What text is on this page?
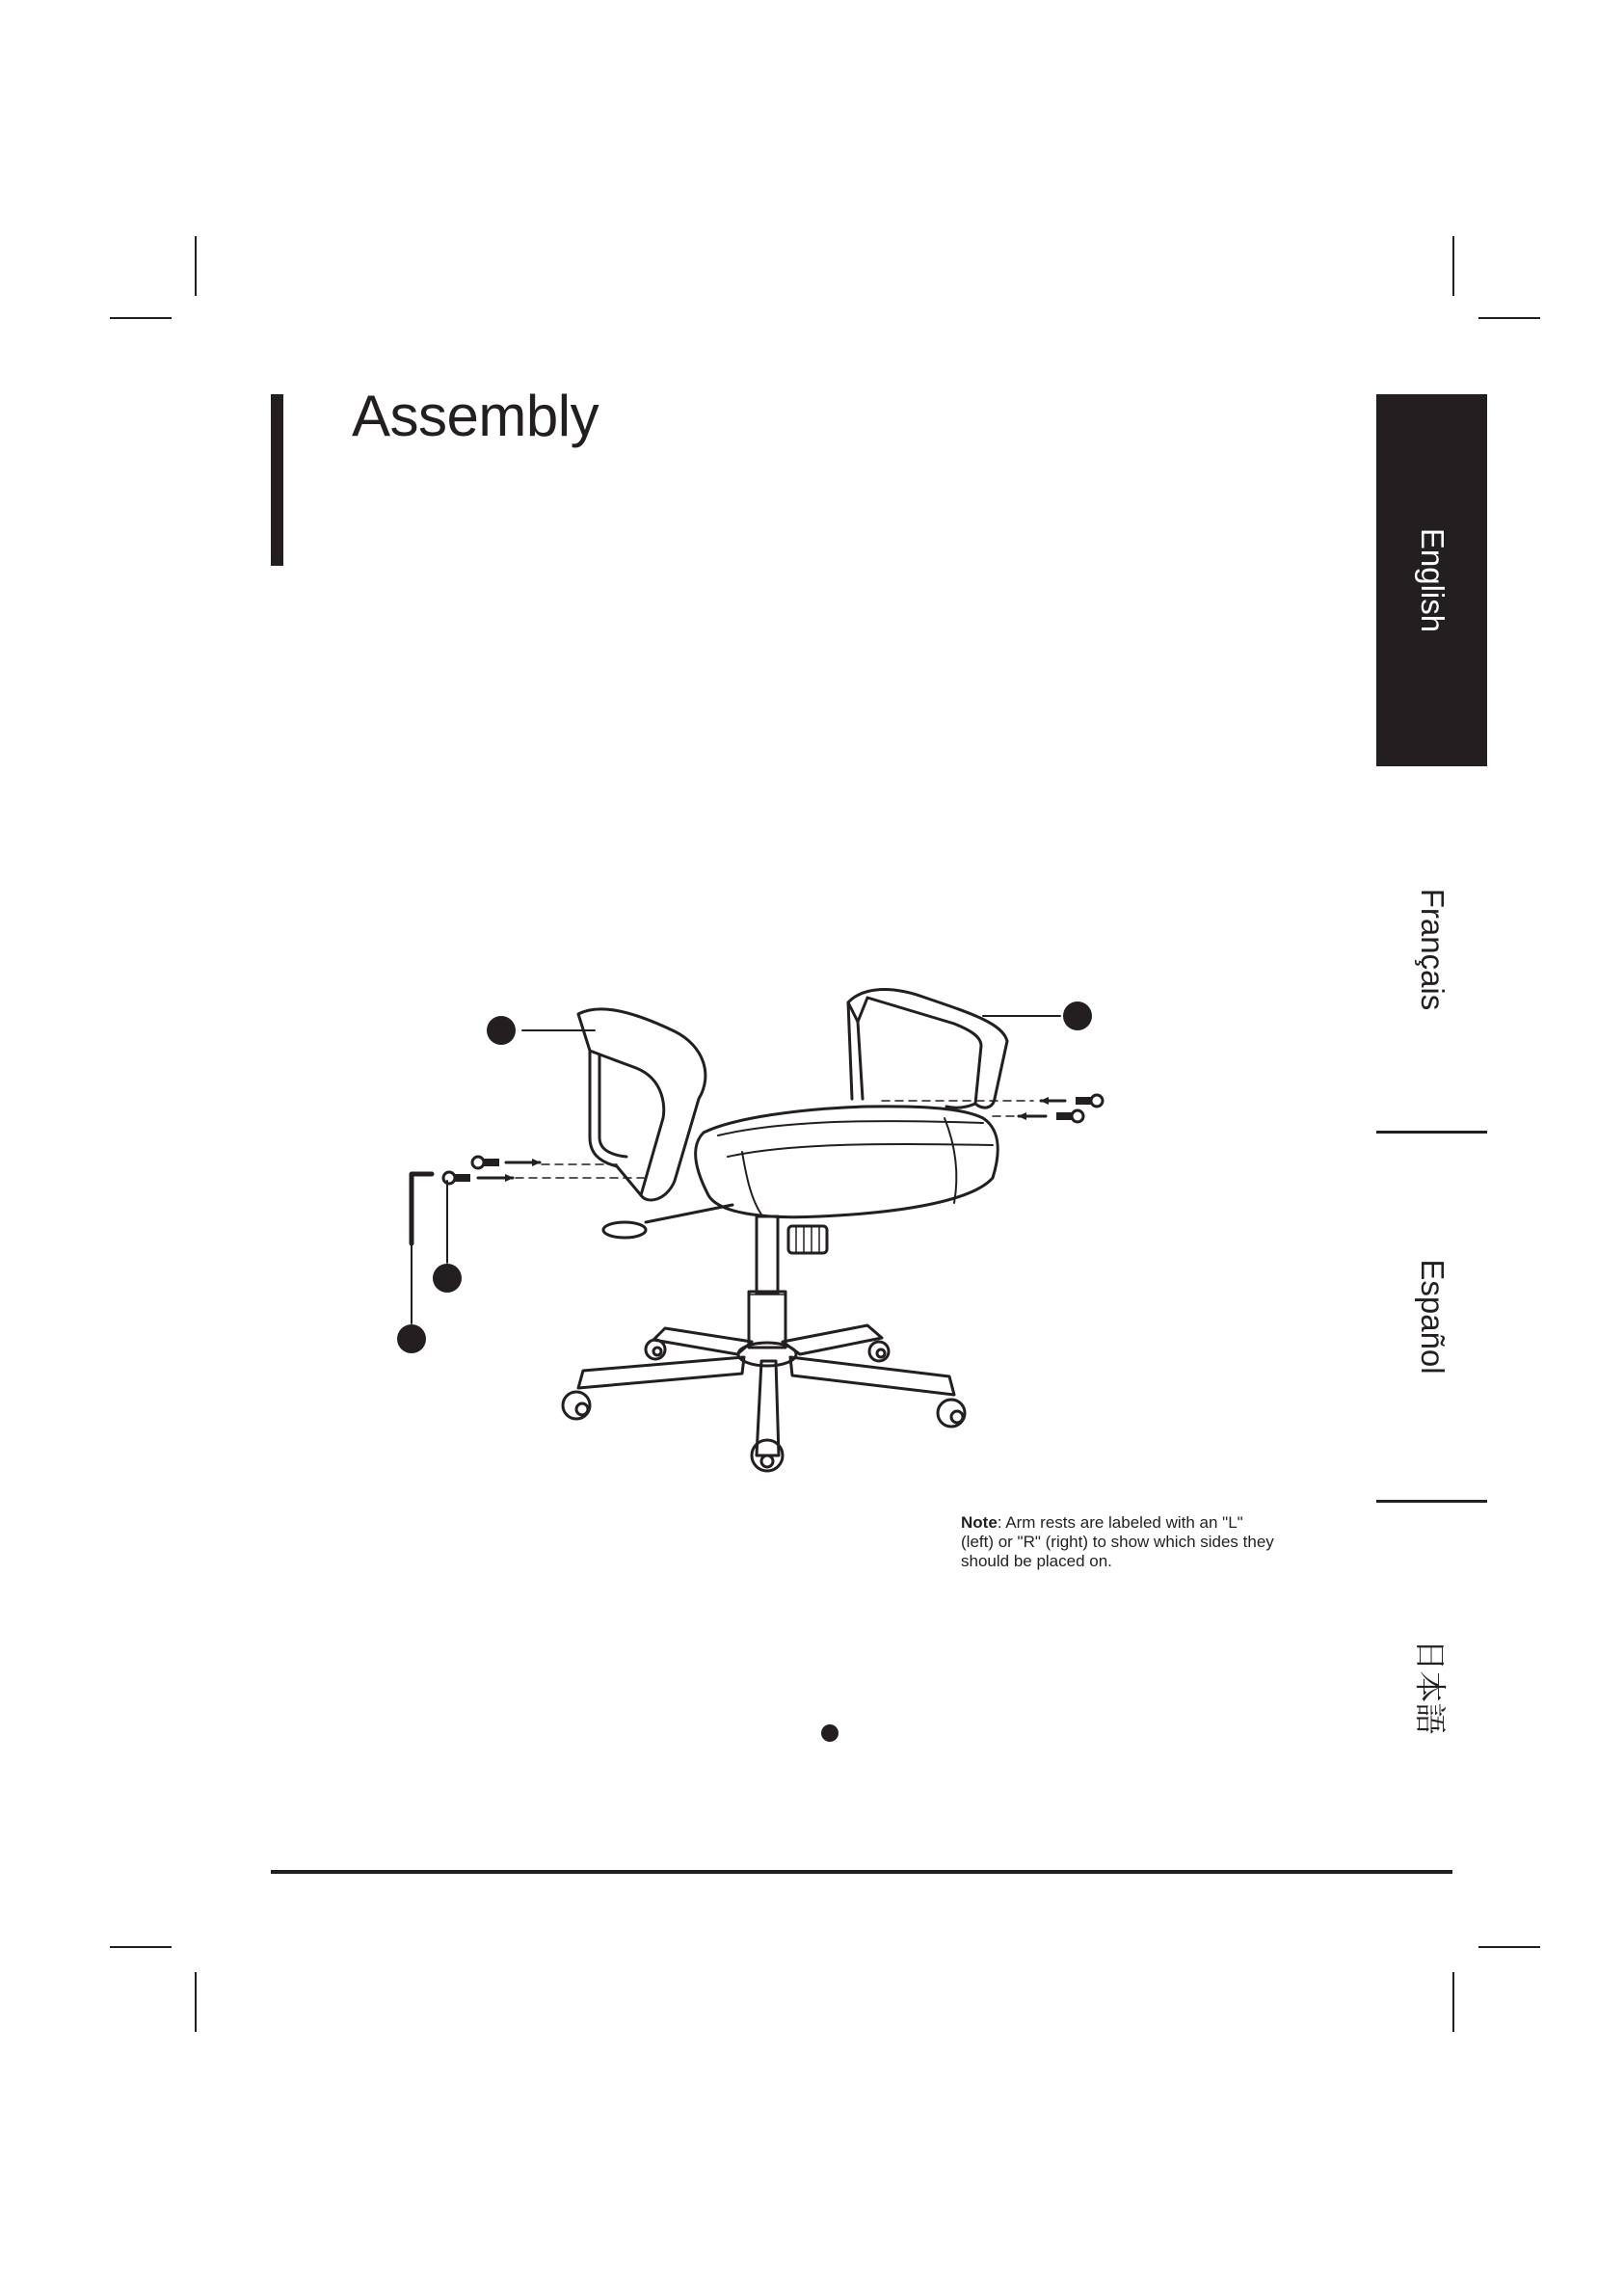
Assembly
English
Français
Español
日本語

Note: Arm rests are labeled with an "L" (left) or "R" (right) to show which sides they should be placed on.
